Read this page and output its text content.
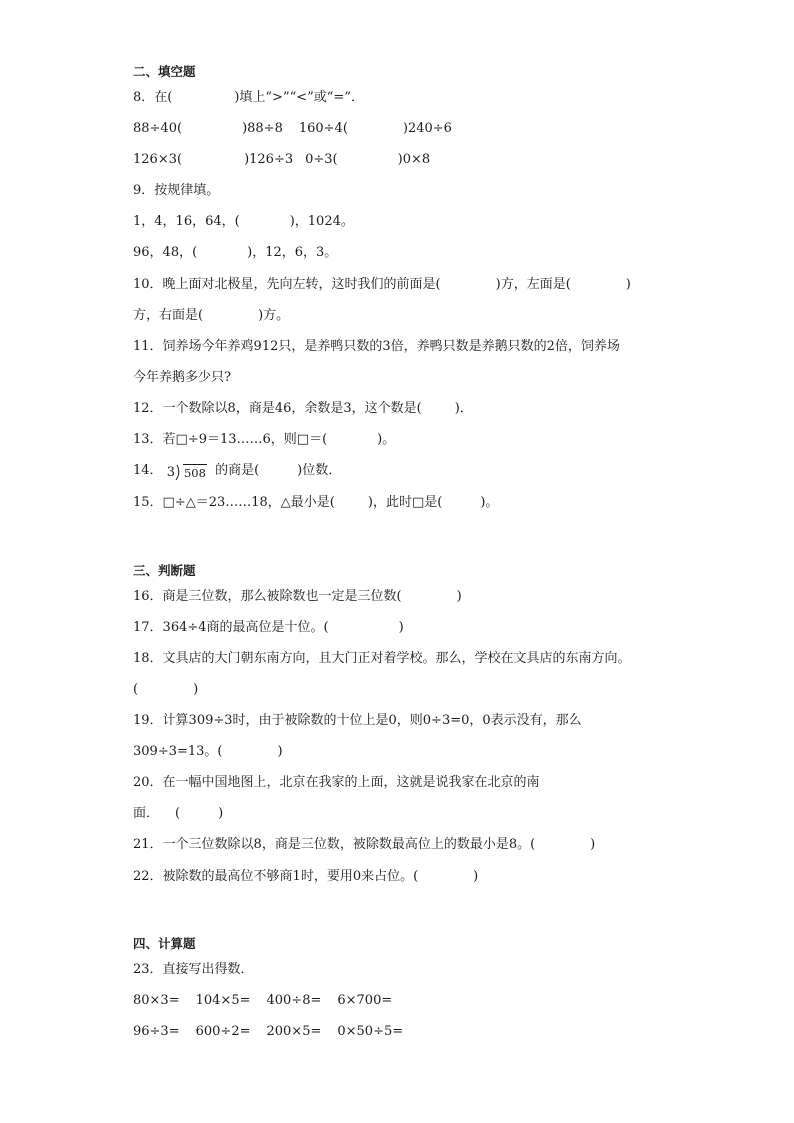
二、填空题
8．在(	)填上“>”“<”或“=”．
88÷40(	)88÷8 160÷4(	)240÷6
126×3(	)126÷3 0÷3(	)0×8
9．按规律填。
1，4，16，64，(	)，1024。
96，48，(	)，12，6，3。
10．晚上面对北极星，先向左转，这时我们的前面是(	)方，左面是(	)
方，右面是(	)方。
11．饲养场今年养鸡912只，是养鸭只数的3倍，养鸭只数是养鹅只数的2倍，饲养场
今年养鹅多少只?
12．一个数除以8，商是46，余数是3，这个数是(	)．
13．若□÷9＝13……6，则□＝(	)。
14． 3 508 的商是(	)位数．
15．□÷△＝23……18，△最小是(	)，此时□是(	)。
三、判断题
16．商是三位数，那么被除数也一定是三位数(	)
17．364÷4商的最高位是十位。(	)
18．文具店的大门朝东南方向，且大门正对着学校。那么，学校在文具店的东南方向。
(	)
19．计算309÷3时，由于被除数的十位上是0，则0÷3=0，0表示没有，那么
309÷3=13。(	)
20．在一幅中国地图上，北京在我家的上面，这就是说我家在北京的南
面． (	)
21．一个三位数除以8，商是三位数，被除数最高位上的数最小是8。(	)
22．被除数的最高位不够商1时，要用0来占位。(	)
四、计算题
23．直接写出得数．
80×3= 104×5= 400÷8= 6×700=
96÷3= 600÷2= 200×5= 0×50÷5=
